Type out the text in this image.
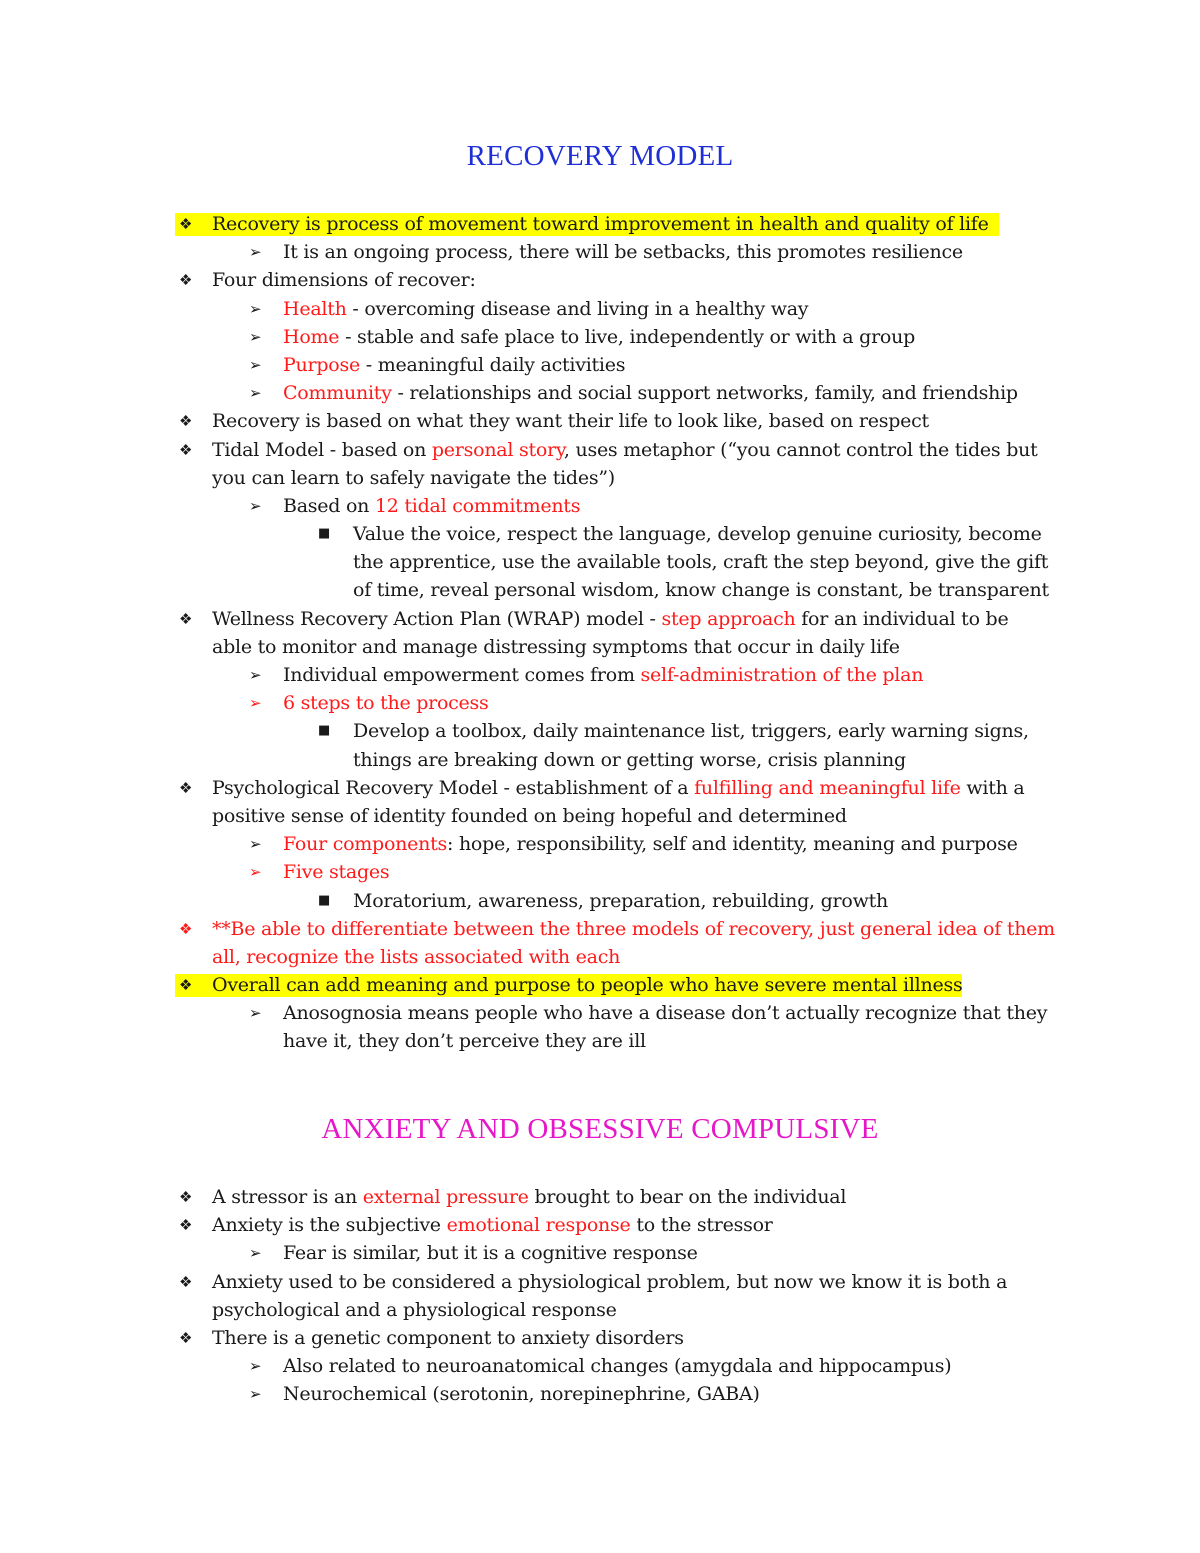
RECOVERY MODEL
❖ Recovery is process of movement toward improvement in health and quality of life
➢ It is an ongoing process, there will be setbacks, this promotes resilience
❖ Four dimensions of recover:
➢ Health - overcoming disease and living in a healthy way
➢ Home - stable and safe place to live, independently or with a group
➢ Purpose - meaningful daily activities
➢ Community - relationships and social support networks, family, and friendship
❖ Recovery is based on what they want their life to look like, based on respect
❖ Tidal Model - based on personal story, uses metaphor (“you cannot control the tides but
you can learn to safely navigate the tides”)
➢ Based on 12 tidal commitments
■ Value the voice, respect the language, develop genuine curiosity, become
the apprentice, use the available tools, craft the step beyond, give the gift
of time, reveal personal wisdom, know change is constant, be transparent
❖ Wellness Recovery Action Plan (WRAP) model - step approach for an individual to be
able to monitor and manage distressing symptoms that occur in daily life
➢ Individual empowerment comes from self-administration of the plan
➢ 6 steps to the process
■ Develop a toolbox, daily maintenance list, triggers, early warning signs,
things are breaking down or getting worse, crisis planning
❖ Psychological Recovery Model - establishment of a fulfilling and meaningful life with a
positive sense of identity founded on being hopeful and determined
➢ Four components: hope, responsibility, self and identity, meaning and purpose
➢ Five stages
■ Moratorium, awareness, preparation, rebuilding, growth
❖ **Be able to differentiate between the three models of recovery, just general idea of them
all, recognize the lists associated with each
❖ Overall can add meaning and purpose to people who have severe mental illness
➢ Anosognosia means people who have a disease don’t actually recognize that they
have it, they don’t perceive they are ill
ANXIETY AND OBSESSIVE COMPULSIVE
❖ A stressor is an external pressure brought to bear on the individual
❖ Anxiety is the subjective emotional response to the stressor
➢ Fear is similar, but it is a cognitive response
❖ Anxiety used to be considered a physiological problem, but now we know it is both a
psychological and a physiological response
❖ There is a genetic component to anxiety disorders
➢ Also related to neuroanatomical changes (amygdala and hippocampus)
➢ Neurochemical (serotonin, norepinephrine, GABA)
